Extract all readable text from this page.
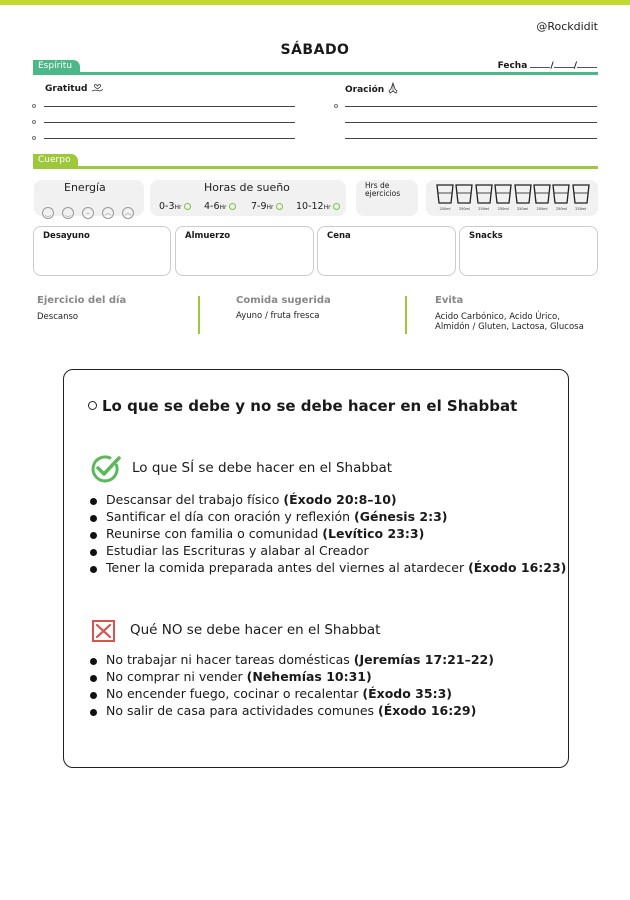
@Rockdidit
SÁBADO
Espíritu	Fecha	/ /
Gratitud	Oración
Cuerpo
Energía
‿ ‿ – ︵ ︵
Horas de sueño
0-3Hr	4-6Hr	7-9Hr	10-12Hr
Hrs de ejercicios
250ml	250ml	250ml	250ml	250ml	250ml	250ml	250ml
Desayuno	Almuerzo	Cena	Snacks
Ejercicio del día
Descanso
Comida sugerida
Ayuno / fruta fresca
Evita
Acido Carbónico, Acido Úrico,
Almidón / Gluten, Lactosa, Glucosa
Lo que se debe y no se debe hacer en el Shabbat
Lo que SÍ se debe hacer en el Shabbat
Descansar del trabajo físico (Éxodo 20:8–10)
Santificar el día con oración y reflexión (Génesis 2:3)
Reunirse con familia o comunidad (Levítico 23:3)
Estudiar las Escrituras y alabar al Creador
Tener la comida preparada antes del viernes al atardecer (Éxodo 16:23)
Qué NO se debe hacer en el Shabbat
No trabajar ni hacer tareas domésticas (Jeremías 17:21–22)
No comprar ni vender (Nehemías 10:31)
No encender fuego, cocinar o recalentar (Éxodo 35:3)
No salir de casa para actividades comunes (Éxodo 16:29)
